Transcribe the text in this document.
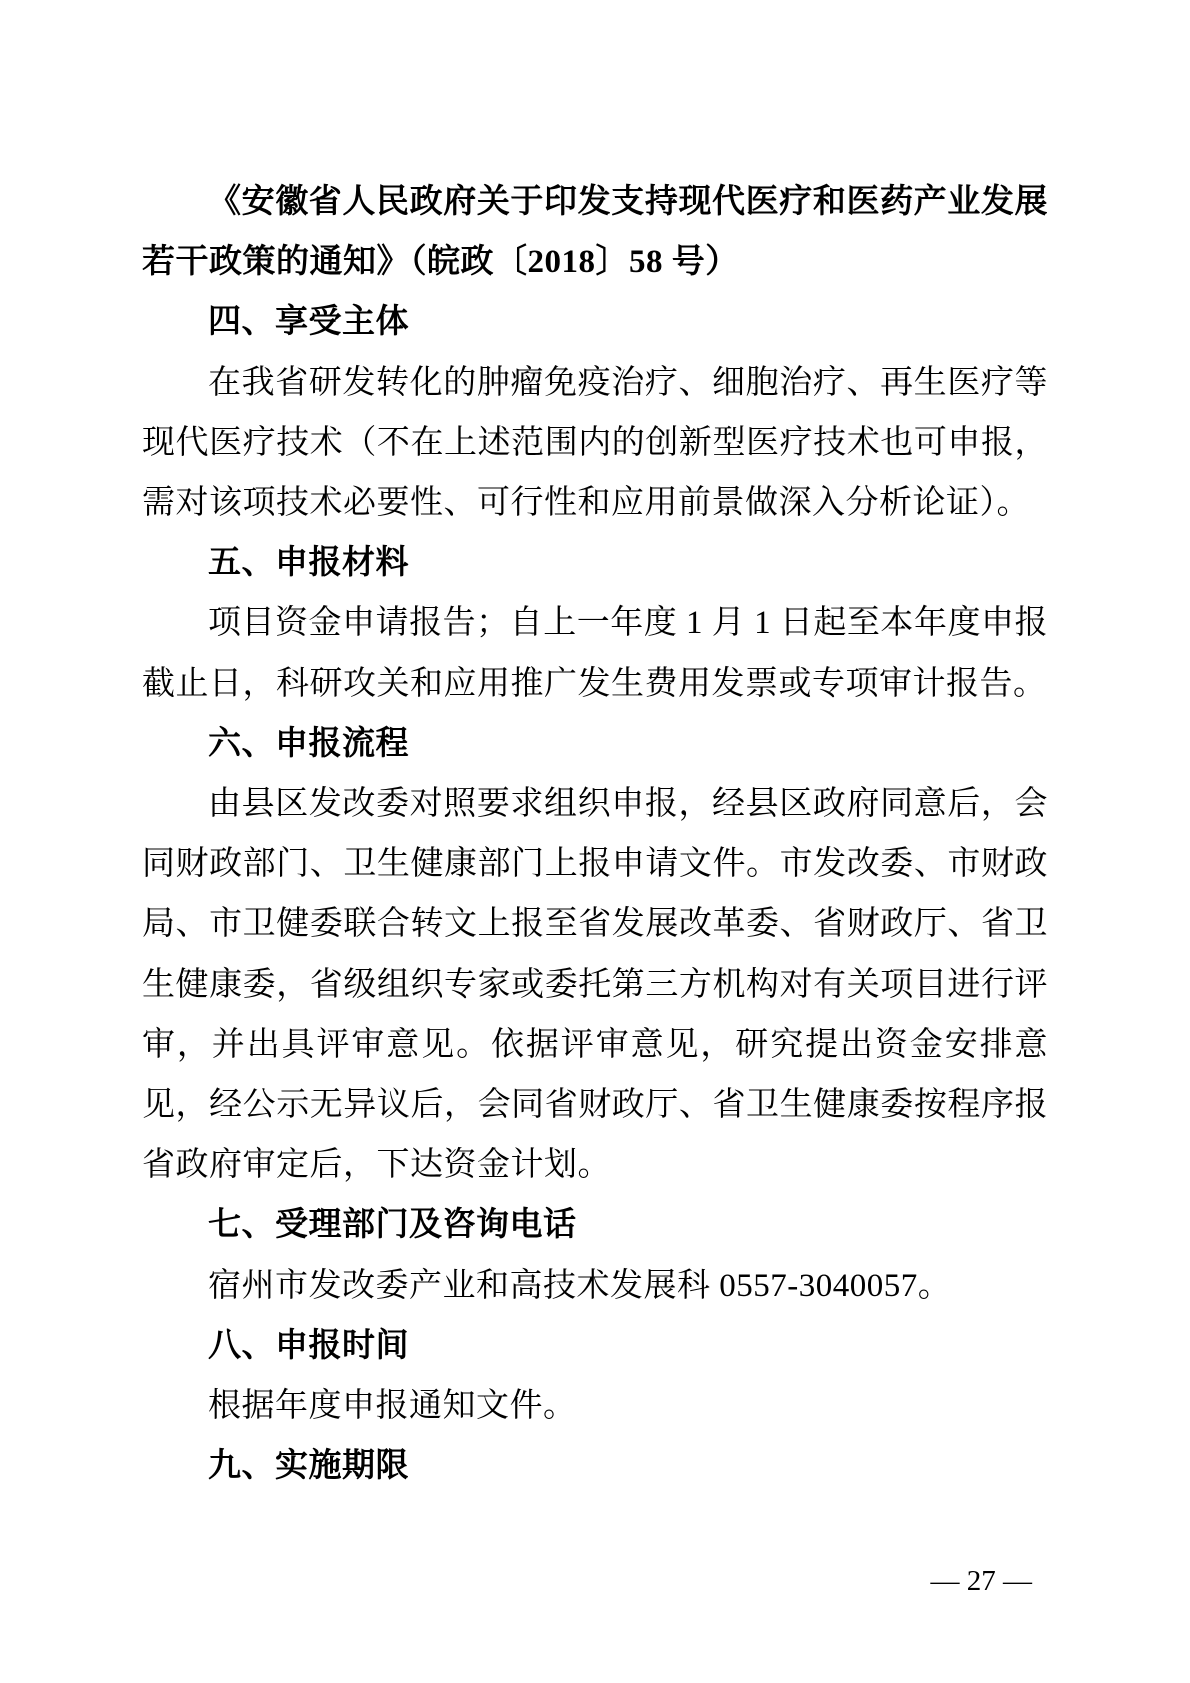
《安徽省人民政府关于印发支持现代医疗和医药产业发展若干政策的通知》（皖政〔2018〕58 号）

四、享受主体

在我省研发转化的肿瘤免疫治疗、细胞治疗、再生医疗等现代医疗技术（不在上述范围内的创新型医疗技术也可申报，需对该项技术必要性、可行性和应用前景做深入分析论证）。

五、申报材料

项目资金申请报告；自上一年度 1 月 1 日起至本年度申报截止日，科研攻关和应用推广发生费用发票或专项审计报告。

六、申报流程

由县区发改委对照要求组织申报，经县区政府同意后，会同财政部门、卫生健康部门上报申请文件。市发改委、市财政局、市卫健委联合转文上报至省发展改革委、省财政厅、省卫生健康委，省级组织专家或委托第三方机构对有关项目进行评审，并出具评审意见。依据评审意见，研究提出资金安排意见，经公示无异议后，会同省财政厅、省卫生健康委按程序报省政府审定后，下达资金计划。

七、受理部门及咨询电话

宿州市发改委产业和高技术发展科 0557-3040057。

八、申报时间

根据年度申报通知文件。

九、实施期限

— 27 —
